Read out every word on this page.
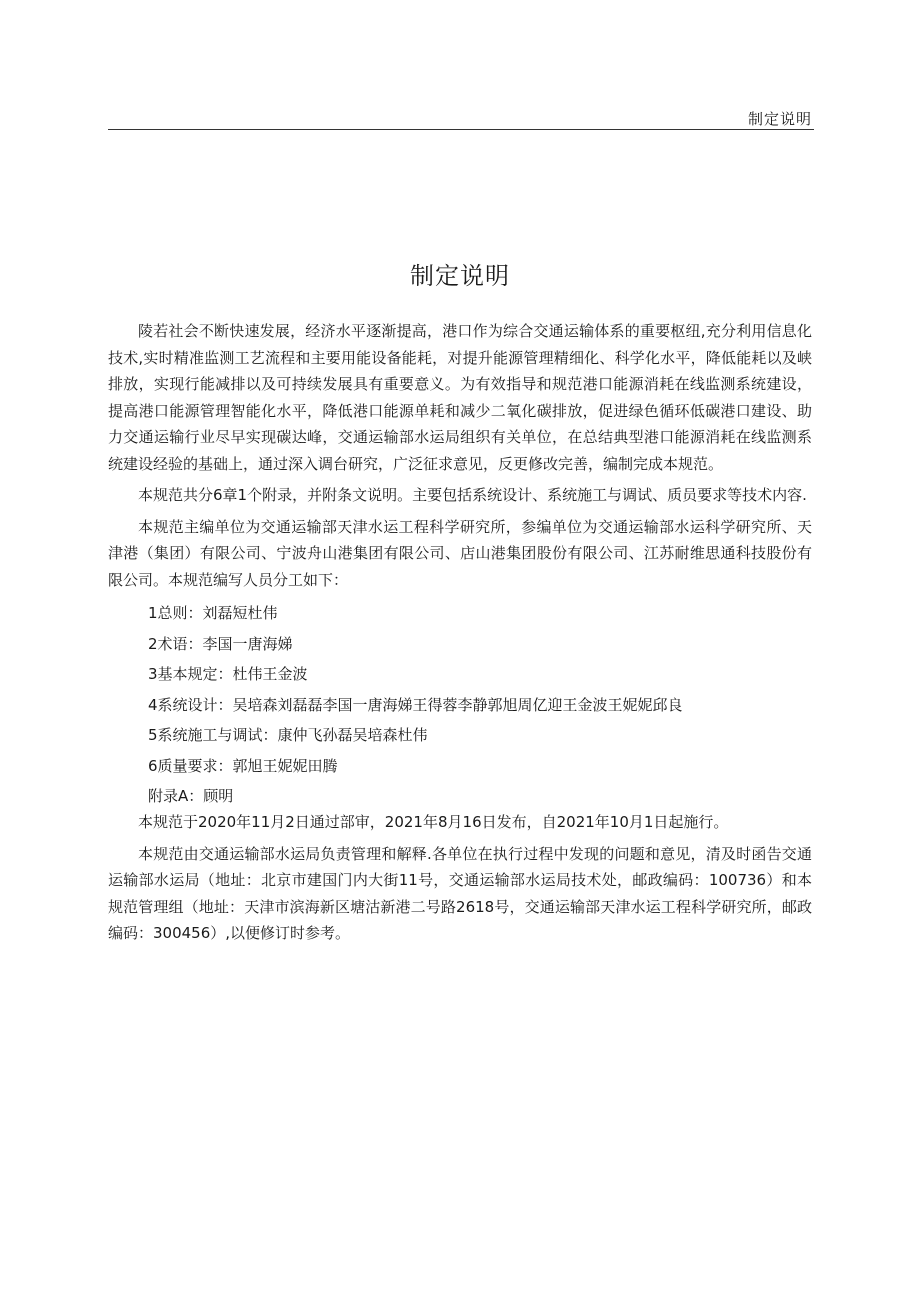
制定说明
制定说明

陵若社会不断快速发展，经济水平逐渐提高，港口作为综合交通运输体系的重要枢纽,充分利用信息化技术,实时精准监测工艺流程和主要用能设备能耗，对提升能源管理精细化、科学化水平，降低能耗以及峡排放，实现行能减排以及可持续发展具有重要意义。为有效指导和规范港口能源消耗在线监测系统建设，提高港口能源管理智能化水平，降低港口能源单耗和减少二氧化碳排放，促进绿色循环低碳港口建设、助力交通运输行业尽早实现碳达峰，交通运输部水运局组织有关单位，在总结典型港口能源消耗在线监测系统建设经验的基础上，通过深入调台研究，广泛征求意见，反更修改完善，编制完成本规范。

本规范共分6章1个附录，并附条文说明。主要包括系统设计、系统施工与调试、质员要求等技术内容.

本规范主编单位为交通运输部天津水运工程科学研究所，参编单位为交通运输部水运科学研究所、天津港（集团）有限公司、宁波舟山港集团有限公司、店山港集团股份有限公司、江苏耐维思通科技股份有限公司。本规范编写人员分工如下：

1总则：刘磊短杜伟
2术语：李国一唐海娣
3基本规定：杜伟王金波
4系统设计：吴培森刘磊磊李国一唐海娣王得蓉李静郭旭周亿迎王金波王妮妮邱良
5系统施工与调试：康仲飞孙磊吴培森杜伟
6质量要求：郭旭王妮妮田腾
附录A：顾明

本规范于2020年11月2日通过部审，2021年8月16日发布，自2021年10月1日起施行。

本规范由交通运输部水运局负责管理和解释.各单位在执行过程中发现的问题和意见，清及时函告交通运输部水运局（地址：北京市建国门内大街11号，交通运输部水运局技术处，邮政编码：100736）和本规范管理组（地址：天津市滨海新区塘沽新港二号路2618号，交通运输部天津水运工程科学研究所，邮政编码：300456）,以便修订时参考。
